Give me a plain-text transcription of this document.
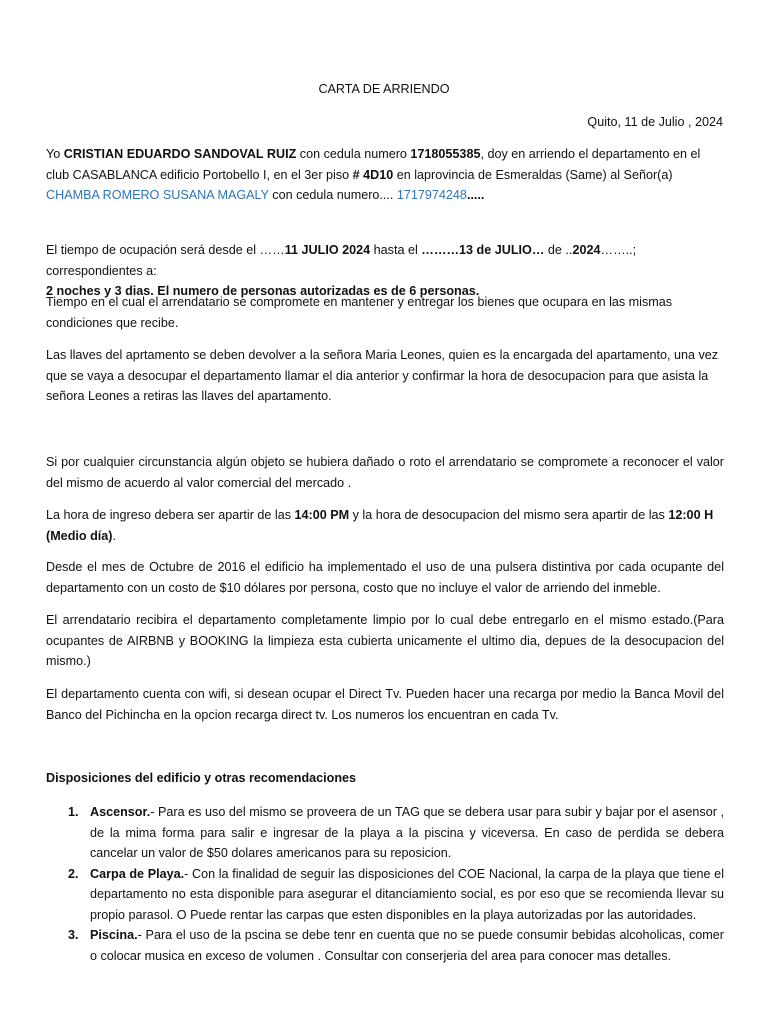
CARTA DE ARRIENDO

Quito, 11 de Julio , 2024

Yo CRISTIAN EDUARDO SANDOVAL RUIZ con cedula numero 1718055385, doy en arriendo el departamento en el club CASABLANCA edificio Portobello I, en el 3er piso # 4D10 en laprovincia de Esmeraldas (Same) al Señor(a) CHAMBA ROMERO SUSANA MAGALY con cedula numero.... 1717974248.....

El tiempo de ocupación será desde el ……11 JULIO 2024 hasta el ………13 de JULIO… de ..2024……..; correspondientes a:
2 noches y 3 dias. El numero de personas autorizadas es de 6 personas.

Tiempo en el cual el arrendatario se compromete en mantener y entregar los bienes que ocupara en las mismas condiciones que recibe.

Las llaves del aprtamento se deben devolver a la señora Maria Leones, quien es la encargada del apartamento, una vez que se vaya a desocupar el departamento llamar el dia anterior y confirmar la hora de desocupacion para que asista la señora Leones a retiras las llaves del apartamento.

Si por cualquier circunstancia algún objeto se hubiera dañado o roto el arrendatario se compromete a reconocer el valor del mismo de acuerdo al valor comercial del mercado .

La hora de ingreso debera ser apartir de las 14:00 PM y la hora de desocupacion del mismo sera apartir de las 12:00 H (Medio día).

Desde el mes de Octubre de 2016 el edificio ha implementado el uso de una pulsera distintiva por cada ocupante del departamento con un costo de $10 dólares por persona, costo que no incluye el valor de arriendo del inmeble.

El arrendatario recibira el departamento completamente limpio por lo cual debe entregarlo en el mismo estado.(Para ocupantes de AIRBNB y BOOKING la limpieza esta cubierta unicamente el ultimo dia, depues de la desocupacion del mismo.)

El departamento cuenta con wifi, si desean ocupar el Direct Tv. Pueden hacer una recarga por medio la Banca Movil del Banco del Pichincha en la opcion recarga direct tv. Los numeros los encuentran en cada Tv.

Disposiciones del edificio y otras recomendaciones

1. Ascensor.- Para es uso del mismo se proveera de un TAG que se debera usar para subir y bajar por el asensor , de la mima forma para salir e ingresar de la playa a la piscina y viceversa. En caso de perdida se debera cancelar un valor de $50 dolares americanos para su reposicion.
2. Carpa de Playa.- Con la finalidad de seguir las disposiciones del COE Nacional, la carpa de la playa que tiene el departamento no esta disponible para asegurar el ditanciamiento social, es por eso que se recomienda llevar su propio parasol. O Puede rentar las carpas que esten disponibles en la playa autorizadas por las autoridades.
3. Piscina.- Para el uso de la pscina se debe tenr en cuenta que no se puede consumir bebidas alcoholicas, comer o colocar musica en exceso de volumen . Consultar con conserjeria del area para conocer mas detalles.
